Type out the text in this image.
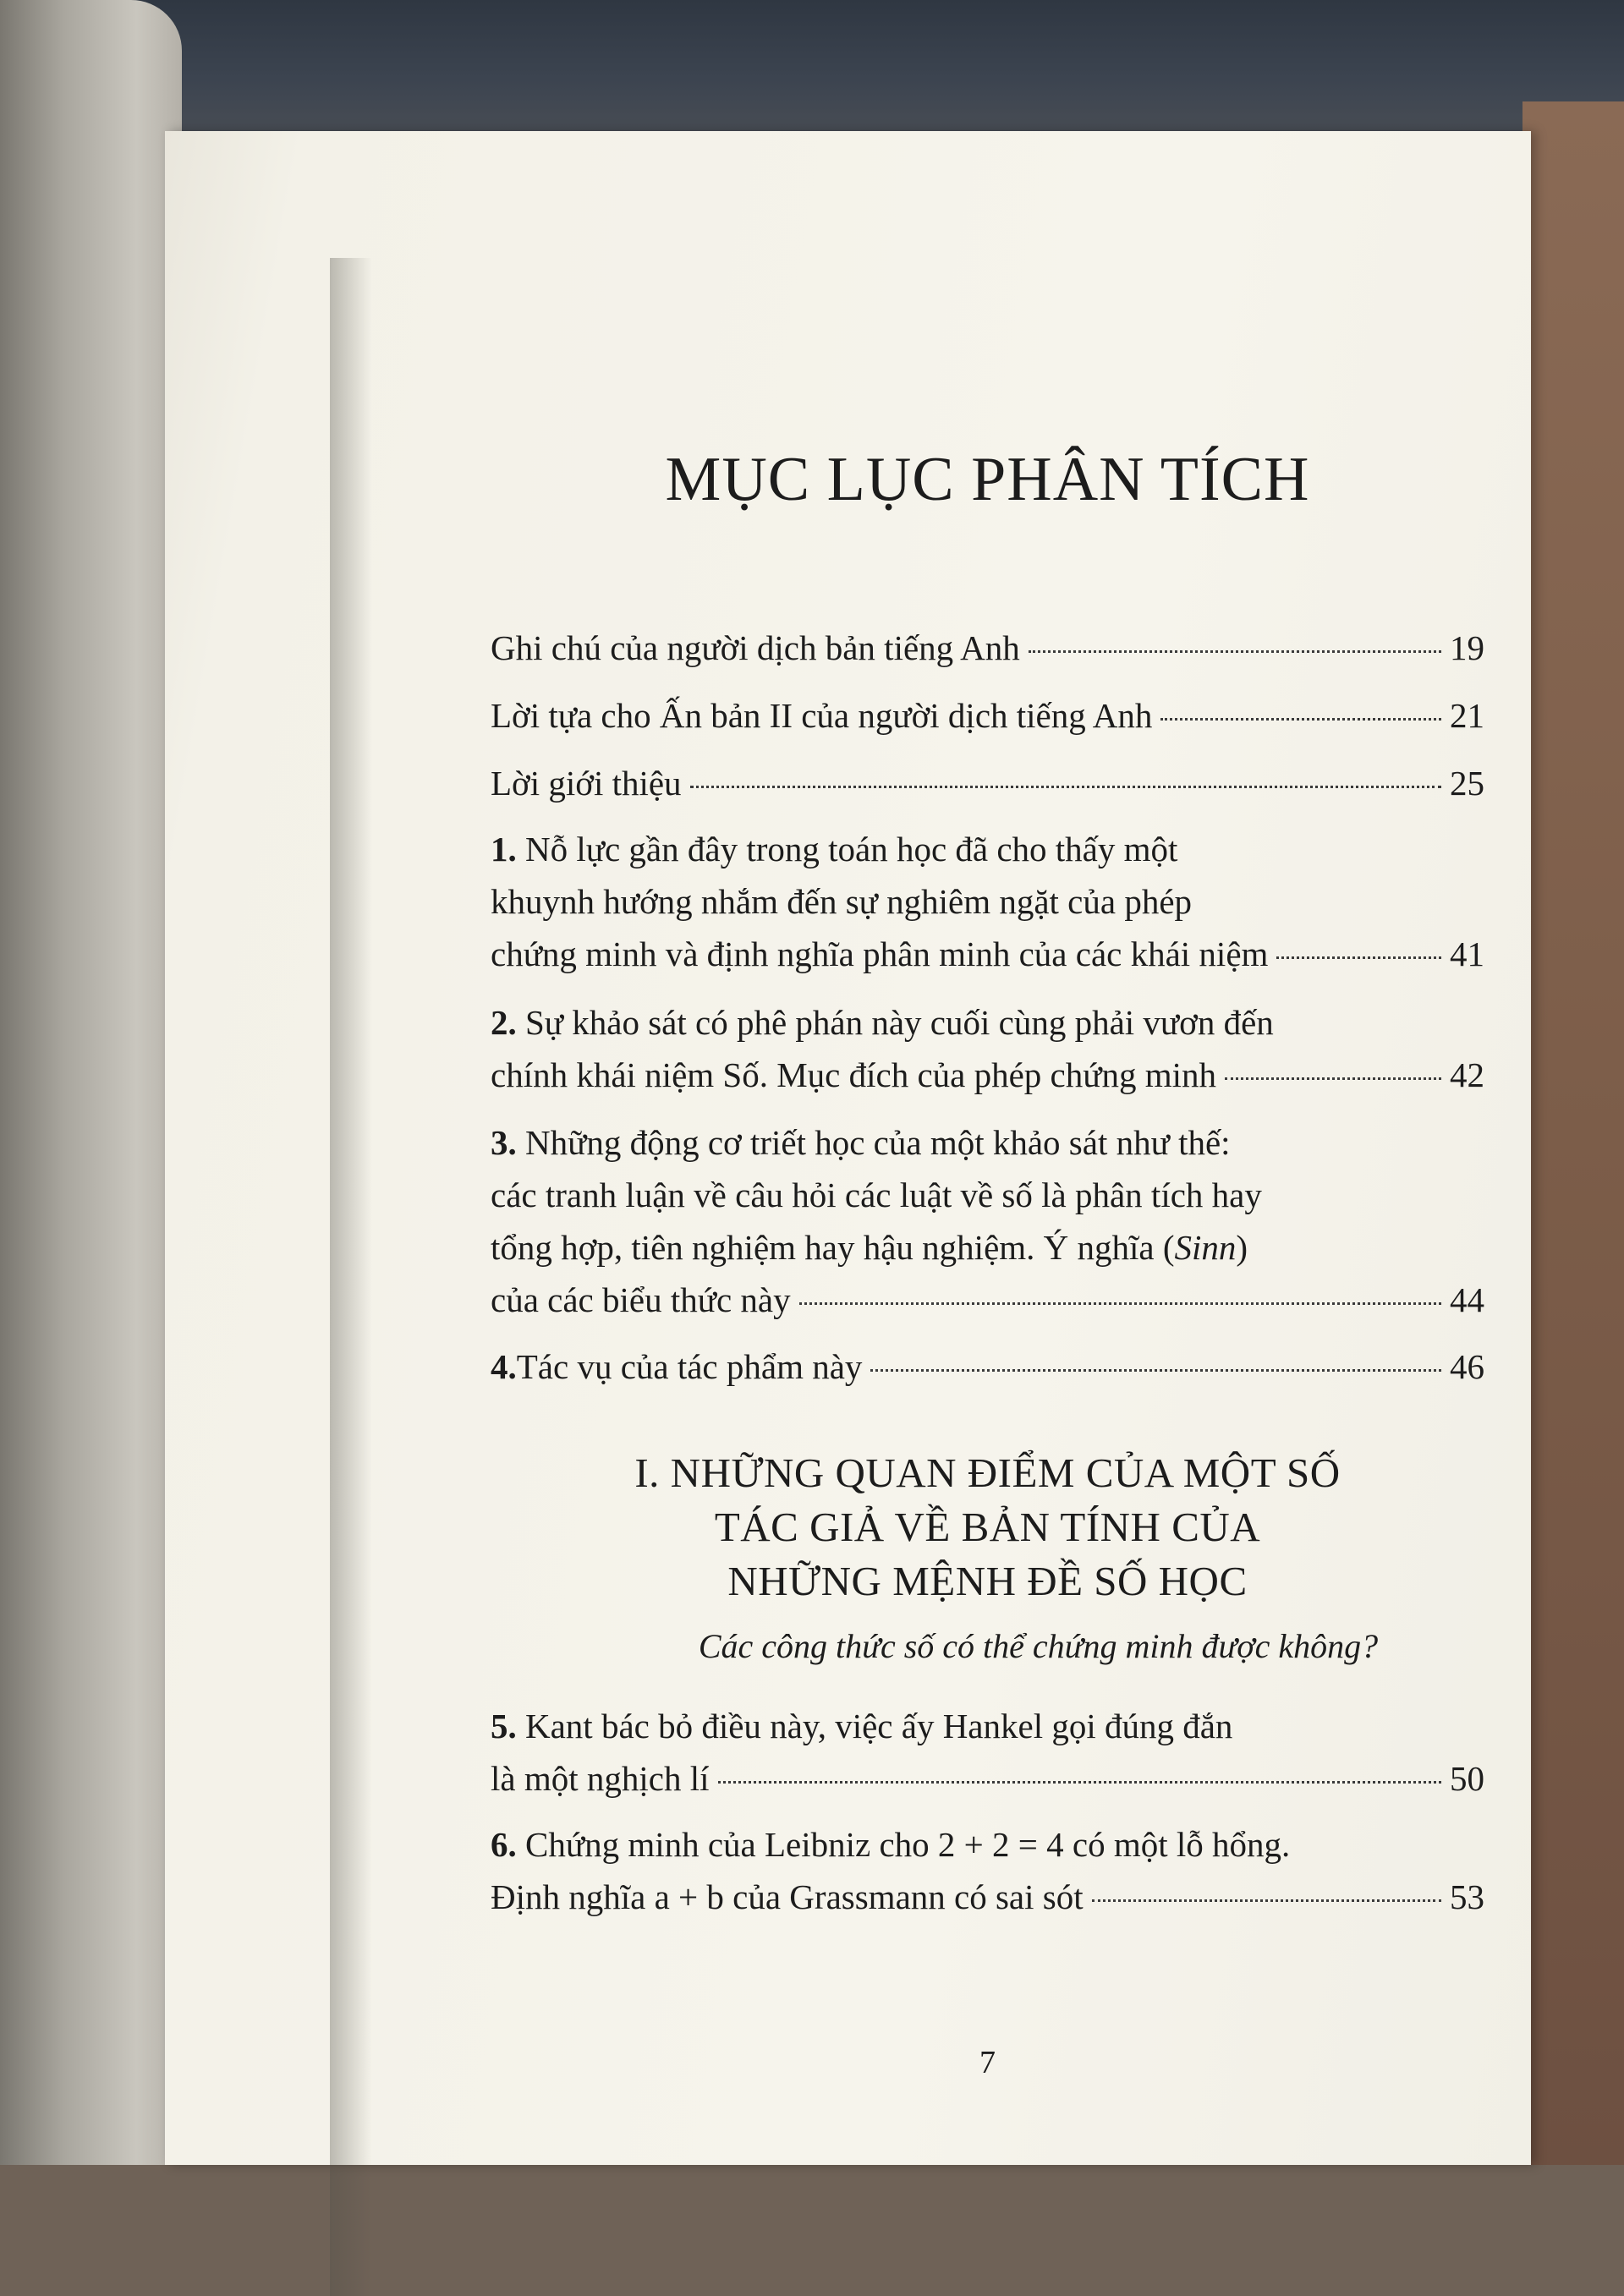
MỤC LỤC PHÂN TÍCH
Ghi chú của người dịch bản tiếng Anh	19
Lời tựa cho Ấn bản II của người dịch tiếng Anh	21
Lời giới thiệu	25
1. Nỗ lực gần đây trong toán học đã cho thấy một
khuynh hướng nhắm đến sự nghiêm ngặt của phép
chứng minh và định nghĩa phân minh của các khái niệm	41
2. Sự khảo sát có phê phán này cuối cùng phải vươn đến
chính khái niệm Số. Mục đích của phép chứng minh	42
3. Những động cơ triết học của một khảo sát như thế:
các tranh luận về câu hỏi các luật về số là phân tích hay
tổng hợp, tiên nghiệm hay hậu nghiệm. Ý nghĩa (Sinn)
của các biểu thức này	44
4. Tác vụ của tác phẩm này	46
I. NHỮNG QUAN ĐIỂM CỦA MỘT SỐ
TÁC GIẢ VỀ BẢN TÍNH CỦA
NHỮNG MỆNH ĐỀ SỐ HỌC
Các công thức số có thể chứng minh được không?
5. Kant bác bỏ điều này, việc ấy Hankel gọi đúng đắn
là một nghịch lí	50
6. Chứng minh của Leibniz cho 2 + 2 = 4 có một lỗ hổng.
Định nghĩa a + b của Grassmann có sai sót	53
7
